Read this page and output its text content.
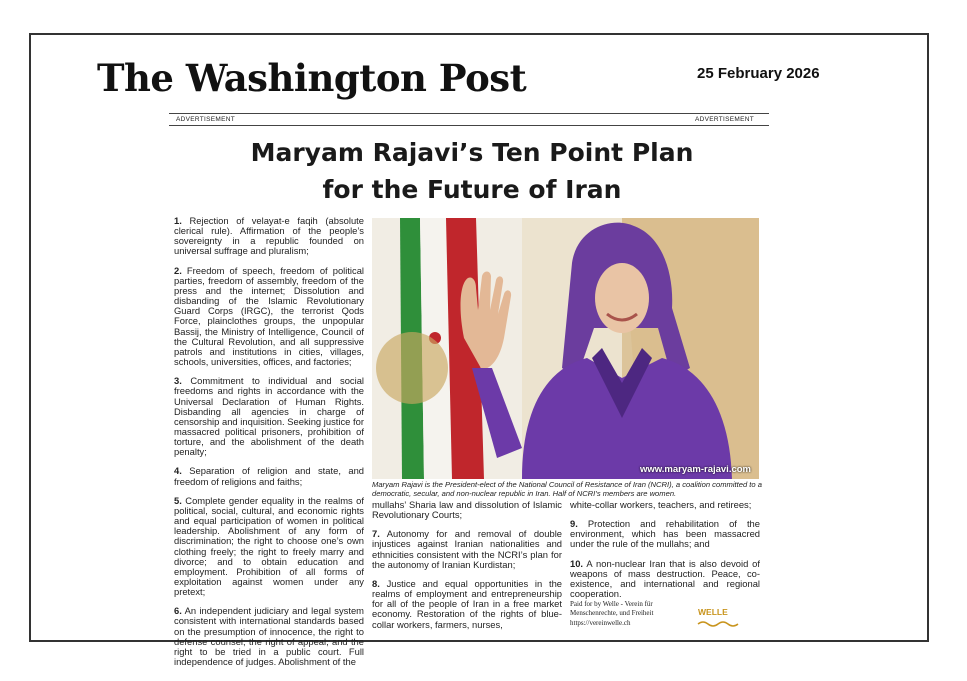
The Washington Post	25 February 2026
ADVERTISEMENT	ADVERTISEMENT
Maryam Rajavi’s Ten Point Plan
for the Future of Iran

1. Rejection of velayat-e faqih (absolute clerical rule). Affirmation of the people’s sovereignty in a republic founded on universal suffrage and pluralism;

2. Freedom of speech, freedom of political parties, freedom of assembly, freedom of the press and the internet; Dissolution and disbanding of the Islamic Revolutionary Guard Corps (IRGC), the terrorist Qods Force, plainclothes groups, the unpopular Bassij, the Ministry of Intelligence, Council of the Cultural Revolution, and all suppressive patrols and institutions in cities, villages, schools, universities, offices, and factories;

3. Commitment to individual and social freedoms and rights in accordance with the Universal Declaration of Human Rights. Disbanding all agencies in charge of censorship and inquisition. Seeking justice for massacred political prisoners, prohibition of torture, and the abolishment of the death penalty;

4. Separation of religion and state, and freedom of religions and faiths;

5. Complete gender equality in the realms of political, social, cultural, and economic rights and equal participation of women in political leadership. Abolishment of any form of discrimination; the right to choose one’s own clothing freely; the right to freely marry and divorce; and to obtain education and employment. Prohibition of all forms of exploitation against women under any pretext;

6. An independent judiciary and legal system consistent with international standards based on the presumption of innocence, the right to defense counsel, the right of appeal, and the right to be tried in a public court. Full independence of judges. Abolishment of the

www.maryam-rajavi.com

Maryam Rajavi is the President-elect of the National Council of Resistance of Iran (NCRI), a coalition committed to a democratic, secular, and non-nuclear republic in Iran. Half of NCRI’s members are women.

mullahs’ Sharia law and dissolution of Islamic Revolutionary Courts;

7. Autonomy for and removal of double injustices against Iranian nationalities and ethnicities consistent with the NCRI’s plan for the autonomy of Iranian Kurdistan;

8. Justice and equal opportunities in the realms of employment and entrepreneurship for all of the people of Iran in a free market economy. Restoration of the rights of blue-collar workers, farmers, nurses,

white-collar workers, teachers, and retirees;

9. Protection and rehabilitation of the environment, which has been massacred under the rule of the mullahs; and

10. A non-nuclear Iran that is also devoid of weapons of mass destruction. Peace, co-existence, and international and regional cooperation.

Paid for by Welle - Verein für
Menschenrechte, und Freiheit
https://vereinwelle.ch

WELLE
